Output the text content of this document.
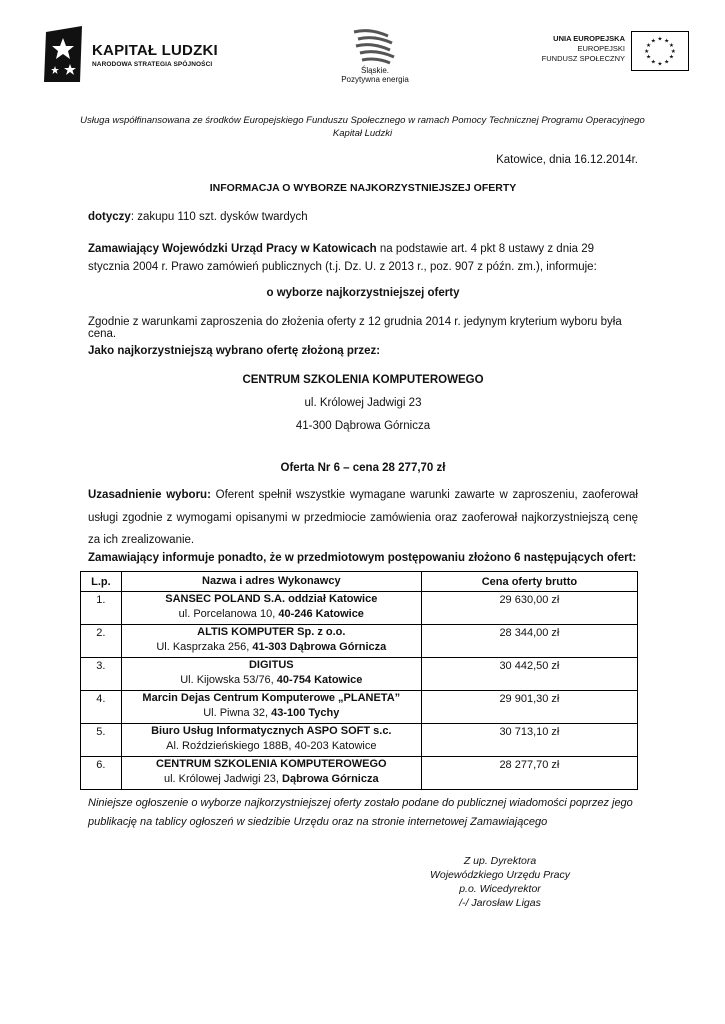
KAPITAŁ LUDZKI
NARODOWA STRATEGIA SPÓJNOŚCI
Śląskie.
Pozytywna energia
UNIA EUROPEJSKA
EUROPEJSKI
FUNDUSZ SPOŁECZNY
★ ★
★
★
★
★
★
★
★
★
★
★
Usługa współfinansowana ze środków Europejskiego Funduszu Społecznego w ramach Pomocy Technicznej Programu Operacyjnego Kapitał Ludzki
Katowice, dnia 16.12.2014r.
INFORMACJA O WYBORZE NAJKORZYSTNIEJSZEJ OFERTY
dotyczy: zakupu 110 szt. dysków twardych
Zamawiający Wojewódzki Urząd Pracy w Katowicach na podstawie art. 4 pkt 8 ustawy z dnia 29 stycznia 2004 r. Prawo zamówień publicznych (t.j. Dz. U. z 2013 r., poz. 907 z późn. zm.), informuje:
o wyborze najkorzystniejszej oferty
Zgodnie z warunkami zaproszenia do złożenia oferty z 12 grudnia 2014 r. jedynym kryterium wyboru była cena.
Jako najkorzystniejszą wybrano ofertę złożoną przez:
CENTRUM SZKOLENIA KOMPUTEROWEGO
ul. Królowej Jadwigi 23
41-300 Dąbrowa Górnicza
Oferta Nr 6 – cena 28 277,70 zł
Uzasadnienie wyboru: Oferent spełnił wszystkie wymagane warunki zawarte w zaproszeniu, zaoferował usługi zgodnie z wymogami opisanymi w przedmiocie zamówienia oraz zaoferował najkorzystniejszą cenę za ich zrealizowanie.
Zamawiający informuje ponadto, że w przedmiotowym postępowaniu złożono 6 następujących ofert:
L.p.	Nazwa i adres Wykonawcy	Cena oferty brutto
1.	SANSEC POLAND S.A. oddział Katowice
ul. Porcelanowa 10, 40-246 Katowice	29 630,00 zł
2.	ALTIS KOMPUTER Sp. z o.o.
Ul. Kasprzaka 256, 41-303 Dąbrowa Górnicza	28 344,00 zł
3.	DIGITUS
Ul. Kijowska 53/76, 40-754 Katowice	30 442,50 zł
4.	Marcin Dejas Centrum Komputerowe „PLANETA”
Ul. Piwna 32, 43-100 Tychy	29 901,30 zł
5.	Biuro Usług Informatycznych ASPO SOFT s.c.
Al. Roździeńskiego 188B, 40-203 Katowice	30 713,10 zł
6.	CENTRUM SZKOLENIA KOMPUTEROWEGO
ul. Królowej Jadwigi 23, Dąbrowa Górnicza	28 277,70 zł
Niniejsze ogłoszenie o wyborze najkorzystniejszej oferty zostało podane do publicznej wiadomości poprzez jego publikację na tablicy ogłoszeń w siedzibie Urzędu oraz na stronie internetowej Zamawiającego
Z up. Dyrektora
Wojewódzkiego Urzędu Pracy
p.o. Wicedyrektor
/-/ Jarosław Ligas
